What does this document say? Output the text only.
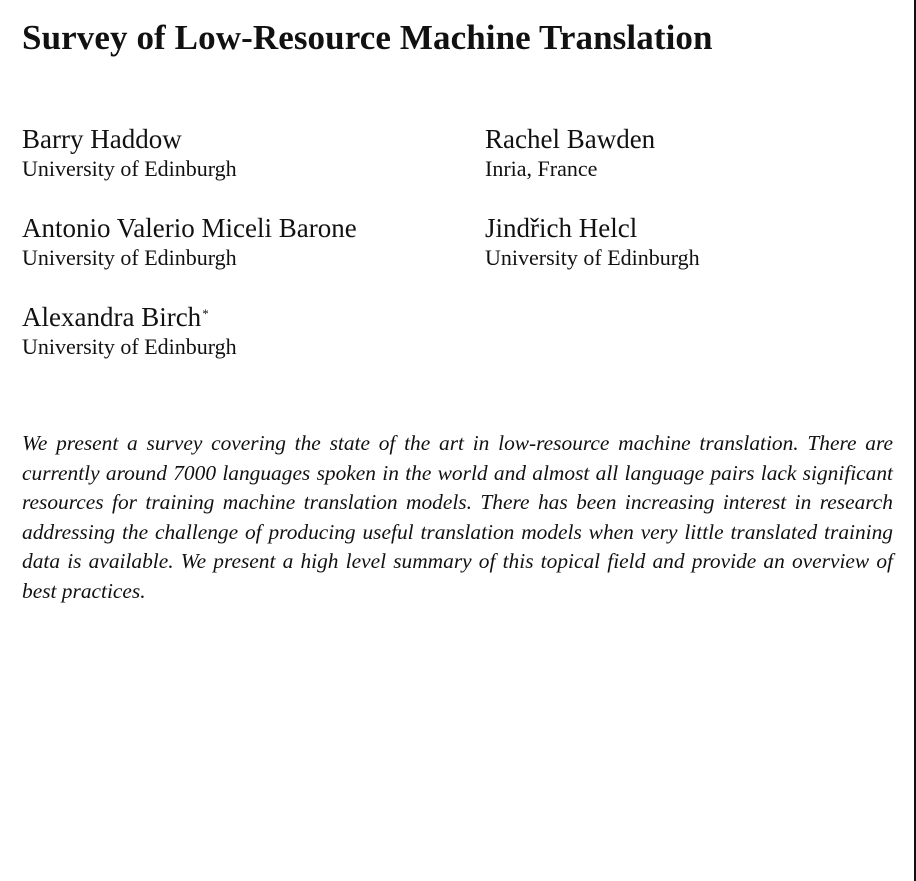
Survey of Low-Resource Machine Translation
Barry Haddow
University of Edinburgh
Rachel Bawden
Inria, France
Antonio Valerio Miceli Barone
University of Edinburgh
Jindřich Helcl
University of Edinburgh
Alexandra Birch*
University of Edinburgh

We present a survey covering the state of the art in low-resource machine translation. There are currently around 7000 languages spoken in the world and almost all language pairs lack significant resources for training machine translation models. There has been increasing interest in research addressing the challenge of producing useful translation models when very little translated training data is available. We present a high level summary of this topical field and provide an overview of best practices.
